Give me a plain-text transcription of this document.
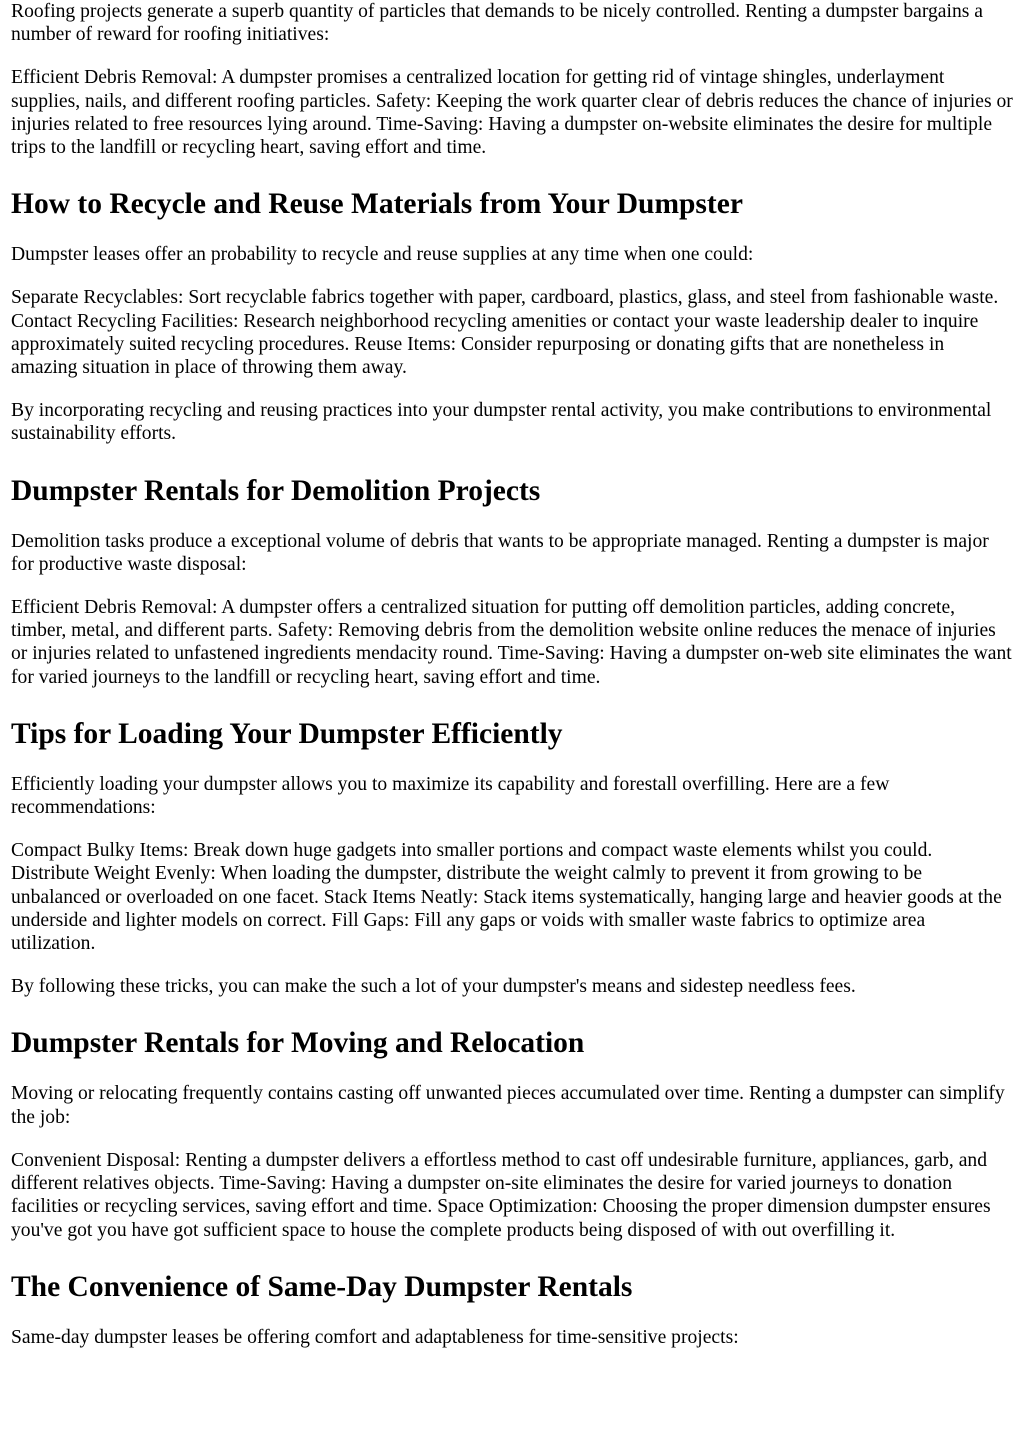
Roofing projects generate a superb quantity of particles that demands to be nicely controlled. Renting a dumpster bargains a number of reward for roofing initiatives:

Efficient Debris Removal: A dumpster promises a centralized location for getting rid of vintage shingles, underlayment supplies, nails, and different roofing particles. Safety: Keeping the work quarter clear of debris reduces the chance of injuries or injuries related to free resources lying around. Time-Saving: Having a dumpster on-website eliminates the desire for multiple trips to the landfill or recycling heart, saving effort and time.

How to Recycle and Reuse Materials from Your Dumpster

Dumpster leases offer an probability to recycle and reuse supplies at any time when one could:

Separate Recyclables: Sort recyclable fabrics together with paper, cardboard, plastics, glass, and steel from fashionable waste. Contact Recycling Facilities: Research neighborhood recycling amenities or contact your waste leadership dealer to inquire approximately suited recycling procedures. Reuse Items: Consider repurposing or donating gifts that are nonetheless in amazing situation in place of throwing them away.

By incorporating recycling and reusing practices into your dumpster rental activity, you make contributions to environmental sustainability efforts.

Dumpster Rentals for Demolition Projects

Demolition tasks produce a exceptional volume of debris that wants to be appropriate managed. Renting a dumpster is major for productive waste disposal:

Efficient Debris Removal: A dumpster offers a centralized situation for putting off demolition particles, adding concrete, timber, metal, and different parts. Safety: Removing debris from the demolition website online reduces the menace of injuries or injuries related to unfastened ingredients mendacity round. Time-Saving: Having a dumpster on-web site eliminates the want for varied journeys to the landfill or recycling heart, saving effort and time.

Tips for Loading Your Dumpster Efficiently

Efficiently loading your dumpster allows you to maximize its capability and forestall overfilling. Here are a few recommendations:

Compact Bulky Items: Break down huge gadgets into smaller portions and compact waste elements whilst you could. Distribute Weight Evenly: When loading the dumpster, distribute the weight calmly to prevent it from growing to be unbalanced or overloaded on one facet. Stack Items Neatly: Stack items systematically, hanging large and heavier goods at the underside and lighter models on correct. Fill Gaps: Fill any gaps or voids with smaller waste fabrics to optimize area utilization.

By following these tricks, you can make the such a lot of your dumpster's means and sidestep needless fees.

Dumpster Rentals for Moving and Relocation

Moving or relocating frequently contains casting off unwanted pieces accumulated over time. Renting a dumpster can simplify the job:

Convenient Disposal: Renting a dumpster delivers a effortless method to cast off undesirable furniture, appliances, garb, and different relatives objects. Time-Saving: Having a dumpster on-site eliminates the desire for varied journeys to donation facilities or recycling services, saving effort and time. Space Optimization: Choosing the proper dimension dumpster ensures you've got you have got sufficient space to house the complete products being disposed of with out overfilling it.

The Convenience of Same-Day Dumpster Rentals

Same-day dumpster leases be offering comfort and adaptableness for time-sensitive projects:
